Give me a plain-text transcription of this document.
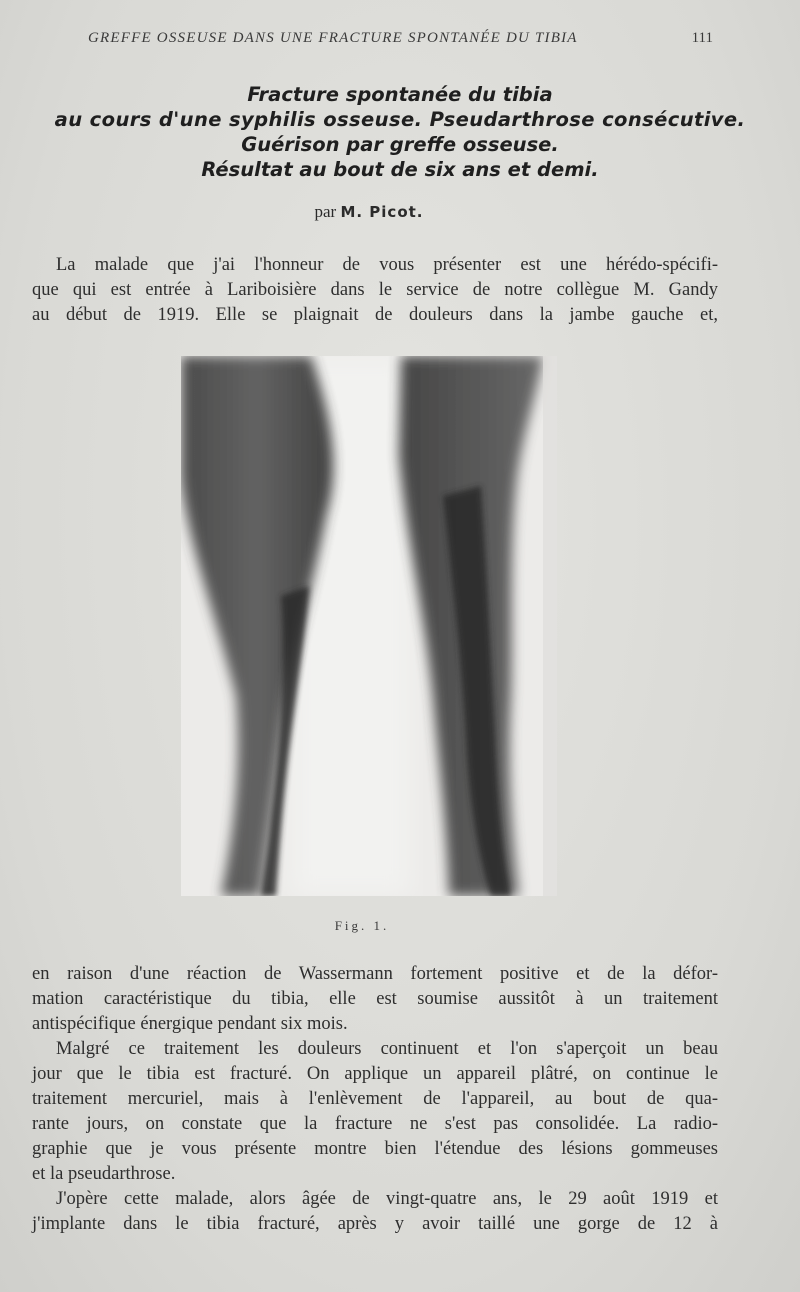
GREFFE OSSEUSE DANS UNE FRACTURE SPONTANÉE DU TIBIA	111
Fracture spontanée du tibia
au cours d'une syphilis osseuse. Pseudarthrose consécutive.
Guérison par greffe osseuse.
Résultat au bout de six ans et demi.
par M. Picot.
La malade que j'ai l'honneur de vous présenter est une hérédo-spécifi-
que qui est entrée à Lariboisière dans le service de notre collègue M. Gandy
au début de 1919. Elle se plaignait de douleurs dans la jambe gauche et,
Fig. 1.
en raison d'une réaction de Wassermann fortement positive et de la défor-
mation caractéristique du tibia, elle est soumise aussitôt à un traitement
antispécifique énergique pendant six mois.
Malgré ce traitement les douleurs continuent et l'on s'aperçoit un beau
jour que le tibia est fracturé. On applique un appareil plâtré, on continue le
traitement mercuriel, mais à l'enlèvement de l'appareil, au bout de qua-
rante jours, on constate que la fracture ne s'est pas consolidée. La radio-
graphie que je vous présente montre bien l'étendue des lésions gommeuses
et la pseudarthrose.
J'opère cette malade, alors âgée de vingt-quatre ans, le 29 août 1919 et
j'implante dans le tibia fracturé, après y avoir taillé une gorge de 12 à
